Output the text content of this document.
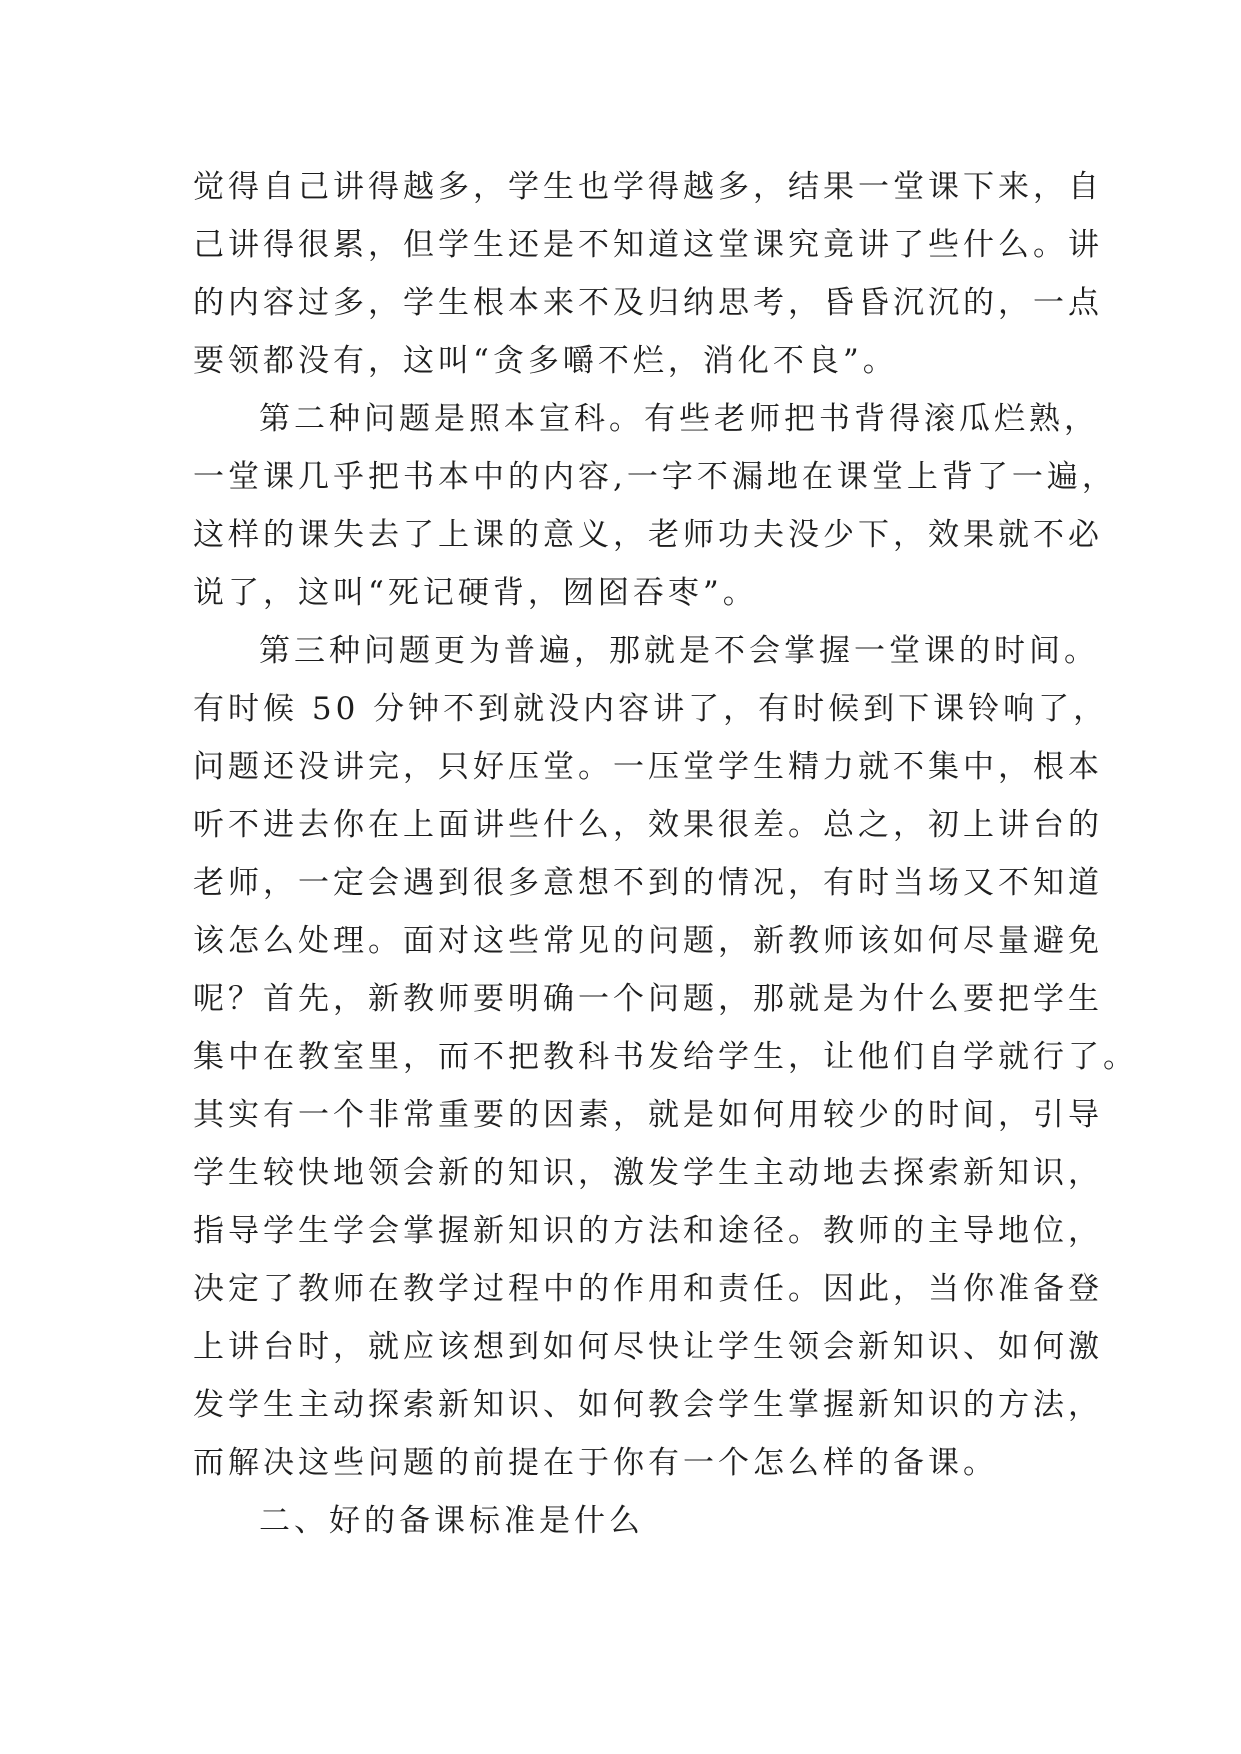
觉得自己讲得越多，学生也学得越多，结果一堂课下来，自
己讲得很累，但学生还是不知道这堂课究竟讲了些什么。讲
的内容过多，学生根本来不及归纳思考，昏昏沉沉的，一点
要领都没有，这叫“贪多嚼不烂，消化不良”。
第二种问题是照本宣科。有些老师把书背得滚瓜烂熟，
一堂课几乎把书本中的内容,一字不漏地在课堂上背了一遍，
这样的课失去了上课的意义，老师功夫没少下，效果就不必
说了，这叫“死记硬背，囫囵吞枣”。
第三种问题更为普遍，那就是不会掌握一堂课的时间。
有时候 50 分钟不到就没内容讲了，有时候到下课铃响了，
问题还没讲完，只好压堂。一压堂学生精力就不集中，根本
听不进去你在上面讲些什么，效果很差。总之，初上讲台的
老师，一定会遇到很多意想不到的情况，有时当场又不知道
该怎么处理。面对这些常见的问题，新教师该如何尽量避免
呢？首先，新教师要明确一个问题，那就是为什么要把学生
集中在教室里，而不把教科书发给学生，让他们自学就行了。
其实有一个非常重要的因素，就是如何用较少的时间，引导
学生较快地领会新的知识，激发学生主动地去探索新知识，
指导学生学会掌握新知识的方法和途径。教师的主导地位，
决定了教师在教学过程中的作用和责任。因此，当你准备登
上讲台时，就应该想到如何尽快让学生领会新知识、如何激
发学生主动探索新知识、如何教会学生掌握新知识的方法，
而解决这些问题的前提在于你有一个怎么样的备课。
二、好的备课标准是什么
